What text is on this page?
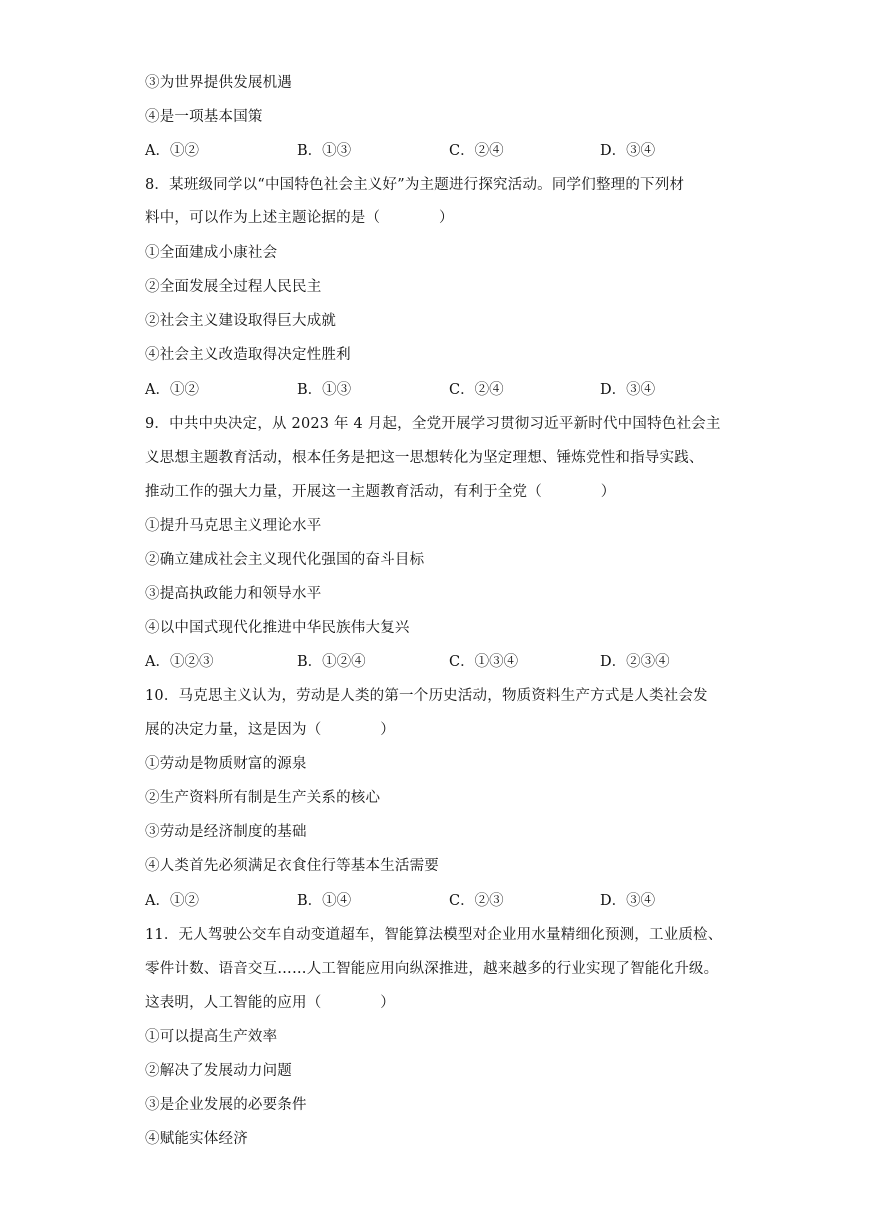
③为世界提供发展机遇
④是一项基本国策
A．①②	B．①③	C．②④	D．③④
8．某班级同学以“中国特色社会主义好”为主题进行探究活动。同学们整理的下列材
料中，可以作为上述主题论据的是（　　　　）
①全面建成小康社会
②全面发展全过程人民民主
②社会主义建设取得巨大成就
④社会主义改造取得决定性胜利
A．①②	B．①③	C．②④	D．③④
9．中共中央决定，从 2023 年 4 月起，全党开展学习贯彻习近平新时代中国特色社会主
义思想主题教育活动，根本任务是把这一思想转化为坚定理想、锤炼党性和指导实践、
推动工作的强大力量，开展这一主题教育活动，有利于全党（　　　　）
①提升马克思主义理论水平
②确立建成社会主义现代化强国的奋斗目标
③提高执政能力和领导水平
④以中国式现代化推进中华民族伟大复兴
A．①②③	B．①②④	C．①③④	D．②③④
10．马克思主义认为，劳动是人类的第一个历史活动，物质资料生产方式是人类社会发
展的决定力量，这是因为（　　　　）
①劳动是物质财富的源泉
②生产资料所有制是生产关系的核心
③劳动是经济制度的基础
④人类首先必须满足衣食住行等基本生活需要
A．①②	B．①④	C．②③	D．③④
11．无人驾驶公交车自动变道超车，智能算法模型对企业用水量精细化预测，工业质检、
零件计数、语音交互……人工智能应用向纵深推进，越来越多的行业实现了智能化升级。
这表明，人工智能的应用（　　　　）
①可以提高生产效率
②解决了发展动力问题
③是企业发展的必要条件
④赋能实体经济
